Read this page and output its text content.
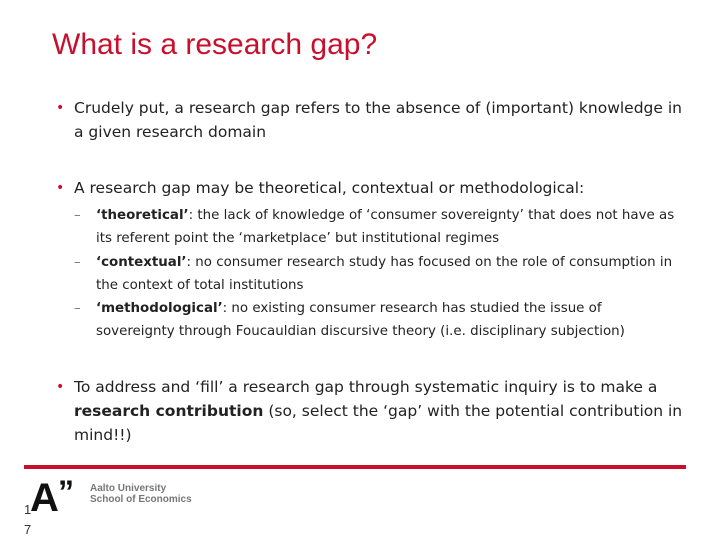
What is a research gap?
• Crudely put, a research gap refers to the absence of (important) knowledge in a given research domain
• A research gap may be theoretical, contextual or methodological:
– ‘theoretical’: the lack of knowledge of ‘consumer sovereignty’ that does not have as its referent point the ‘marketplace’ but institutional regimes
– ‘contextual’: no consumer research study has focused on the role of consumption in the context of total institutions
– ‘methodological’: no existing consumer research has studied the issue of sovereignty through Foucauldian discursive theory (i.e. disciplinary subjection)
• To address and ‘fill’ a research gap through systematic inquiry is to make a research contribution (so, select the ‘gap’ with the potential contribution in mind!!)
A ” Aalto University
School of Economics
1
7
